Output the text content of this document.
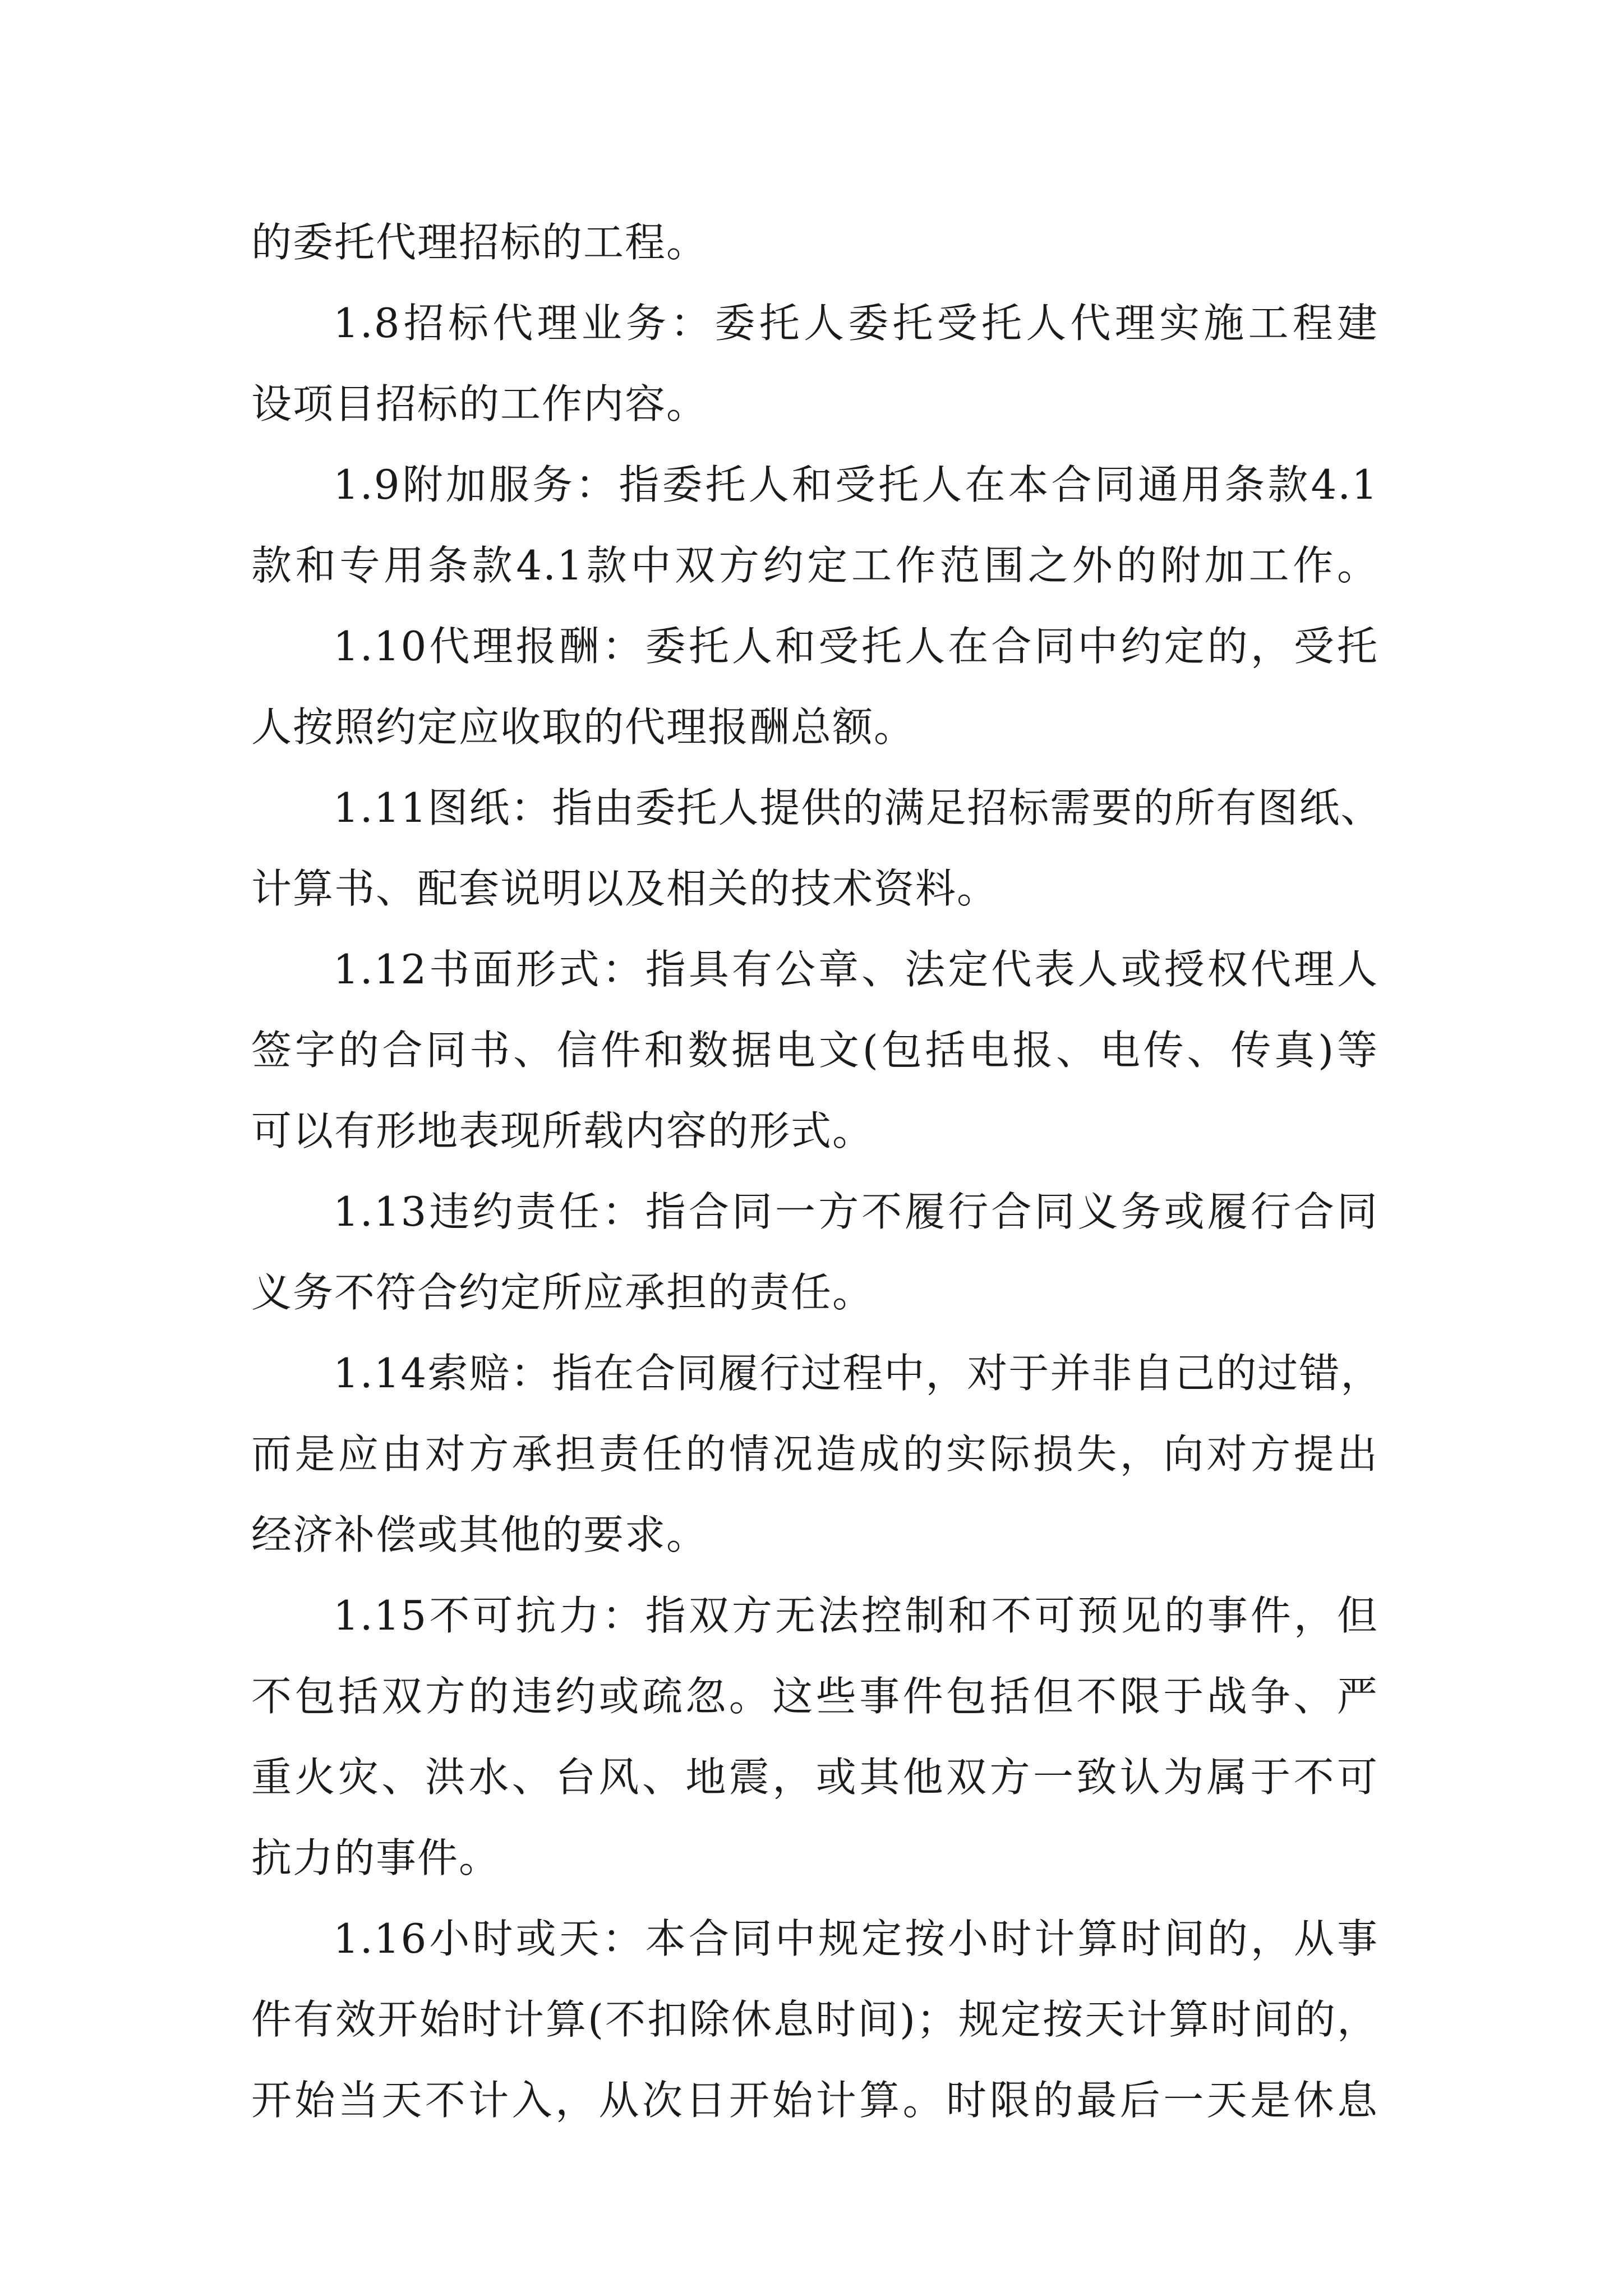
的委托代理招标的工程。
1.8招标代理业务：委托人委托受托人代理实施工程建
设项目招标的工作内容。
1.9附加服务：指委托人和受托人在本合同通用条款4.1
款和专用条款4.1款中双方约定工作范围之外的附加工作。
1.10代理报酬：委托人和受托人在合同中约定的，受托
人按照约定应收取的代理报酬总额。
1.11图纸：指由委托人提供的满足招标需要的所有图纸、
计算书、配套说明以及相关的技术资料。
1.12书面形式：指具有公章、法定代表人或授权代理人
签字的合同书、信件和数据电文(包括电报、电传、传真)等
可以有形地表现所载内容的形式。
1.13违约责任：指合同一方不履行合同义务或履行合同
义务不符合约定所应承担的责任。
1.14索赔：指在合同履行过程中，对于并非自己的过错，
而是应由对方承担责任的情况造成的实际损失，向对方提出
经济补偿或其他的要求。
1.15不可抗力：指双方无法控制和不可预见的事件，但
不包括双方的违约或疏忽。这些事件包括但不限于战争、严
重火灾、洪水、台风、地震，或其他双方一致认为属于不可
抗力的事件。
1.16小时或天：本合同中规定按小时计算时间的，从事
件有效开始时计算(不扣除休息时间)；规定按天计算时间的，
开始当天不计入，从次日开始计算。时限的最后一天是休息
